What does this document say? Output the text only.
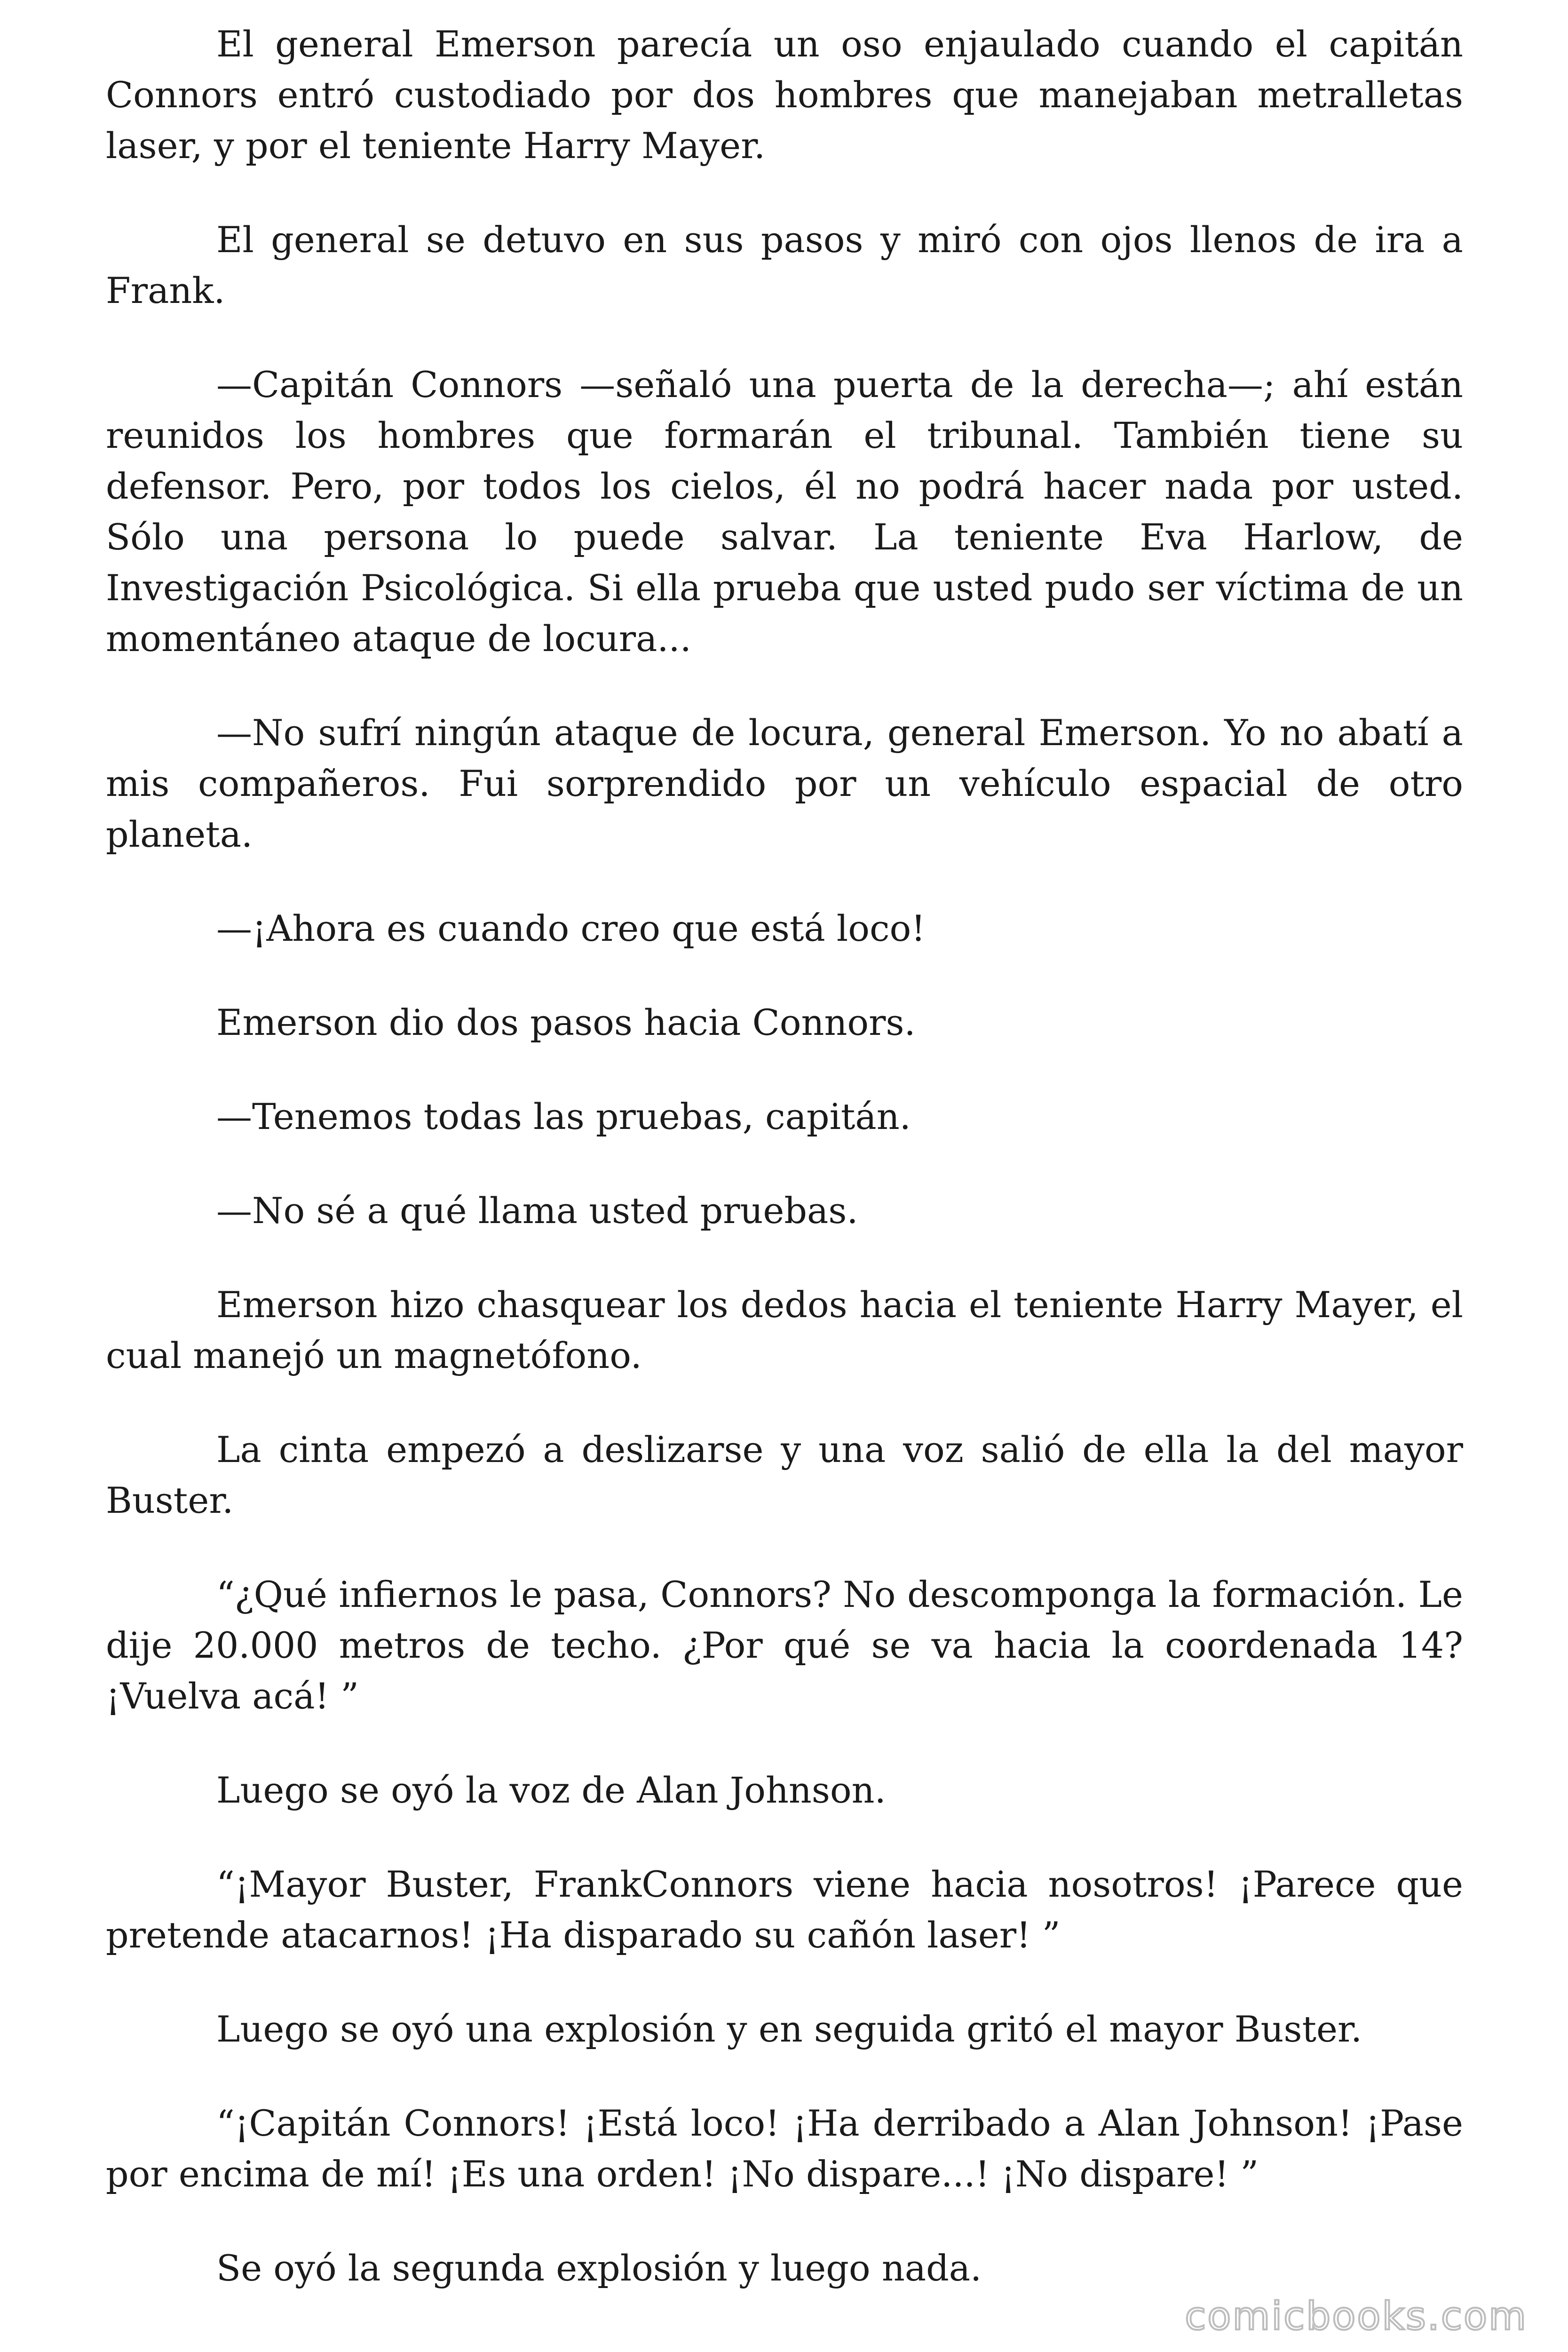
El general Emerson parecía un oso enjaulado cuando el capitán Connors entró custodiado por dos hombres que manejaban metralletas laser, y por el teniente Harry Mayer.

El general se detuvo en sus pasos y miró con ojos llenos de ira a Frank.

—Capitán Connors —señaló una puerta de la derecha—; ahí están reunidos los hombres que formarán el tribunal. También tiene su defensor. Pero, por todos los cielos, él no podrá hacer nada por usted. Sólo una persona lo puede salvar. La teniente Eva Harlow, de Investigación Psicológica. Si ella prueba que usted pudo ser víctima de un momentáneo ataque de locura...

—No sufrí ningún ataque de locura, general Emerson. Yo no abatí a mis compañeros. Fui sorprendido por un vehículo espacial de otro planeta.

—¡Ahora es cuando creo que está loco!

Emerson dio dos pasos hacia Connors.

—Tenemos todas las pruebas, capitán.

—No sé a qué llama usted pruebas.

Emerson hizo chasquear los dedos hacia el teniente Harry Mayer, el cual manejó un magnetófono.

La cinta empezó a deslizarse y una voz salió de ella la del mayor Buster.

“¿Qué infiernos le pasa, Connors? No descomponga la formación. Le dije 20.000 metros de techo. ¿Por qué se va hacia la coordenada 14? ¡Vuelva acá! ”

Luego se oyó la voz de Alan Johnson.

“¡Mayor Buster, FrankConnors viene hacia nosotros! ¡Parece que pretende atacarnos! ¡Ha disparado su cañón laser! ”

Luego se oyó una explosión y en seguida gritó el mayor Buster.

“¡Capitán Connors! ¡Está loco! ¡Ha derribado a Alan Johnson! ¡Pase por encima de mí! ¡Es una orden! ¡No dispare...! ¡No dispare! ”

Se oyó la segunda explosión y luego nada.

comicbooks.com
